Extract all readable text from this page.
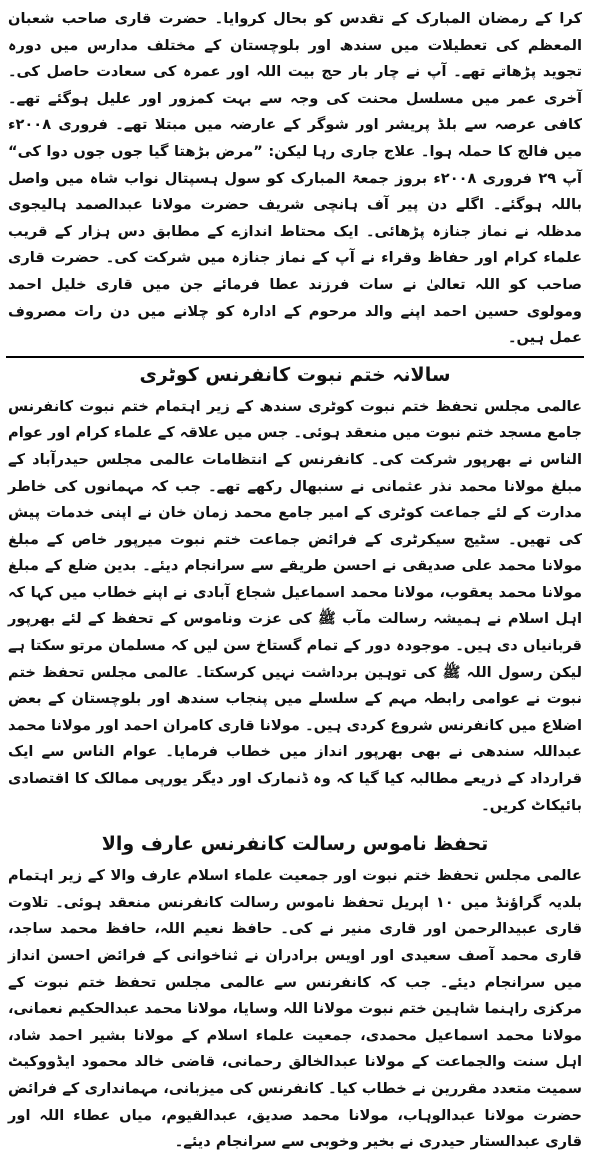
کرا کے رمضان المبارک کے تقدس کو بحال کروایا۔ حضرت قاری صاحب شعبان المعظم کی تعطیلات میں سندھ اور بلوچستان کے مختلف مدارس میں دورہ تجوید پڑھاتے تھے۔ آپ نے چار بار حج بیت اللہ اور عمرہ کی سعادت حاصل کی۔ آخری عمر میں مسلسل محنت کی وجہ سے بہت کمزور اور علیل ہوگئے تھے۔ کافی عرصہ سے بلڈ پریشر اور شوگر کے عارضہ میں مبتلا تھے۔ فروری ۲۰۰۸ء میں فالج کا حملہ ہوا۔ علاج جاری رہا لیکن: ”مرض بڑھتا گیا جوں جوں دوا کی“ آپ ۲۹ فروری ۲۰۰۸ء بروز جمعۃ المبارک کو سول ہسپتال نواب شاہ میں واصل باللہ ہوگئے۔ اگلے دن پیر آف ہانچی شریف حضرت مولانا عبدالصمد ہالیجوی مدظلہ نے نماز جنازہ پڑھائی۔ ایک محتاط اندازے کے مطابق دس ہزار کے قریب علماء کرام اور حفاظ وقراء نے آپ کے نماز جنازہ میں شرکت کی۔ حضرت قاری صاحب کو اللہ تعالیٰ نے سات فرزند عطا فرمائے جن میں قاری خلیل احمد ومولوی حسین احمد اپنے والد مرحوم کے ادارہ کو چلانے میں دن رات مصروف عمل ہیں۔

سالانہ ختم نبوت کانفرنس کوٹری

عالمی مجلس تحفظ ختم نبوت کوٹری سندھ کے زیر اہتمام ختم نبوت کانفرنس جامع مسجد ختم نبوت میں منعقد ہوئی۔ جس میں علاقہ کے علماء کرام اور عوام الناس نے بھرپور شرکت کی۔ کانفرنس کے انتظامات عالمی مجلس حیدرآباد کے مبلغ مولانا محمد نذر عثمانی نے سنبھال رکھے تھے۔ جب کہ مہمانوں کی خاطر مدارت کے لئے جماعت کوٹری کے امیر جامع محمد زمان خان نے اپنی خدمات پیش کی تھیں۔ سٹیج سیکرٹری کے فرائض جماعت ختم نبوت میرپور خاص کے مبلغ مولانا محمد علی صدیقی نے احسن طریقے سے سرانجام دیئے۔ بدین ضلع کے مبلغ مولانا محمد یعقوب، مولانا محمد اسماعیل شجاع آبادی نے اپنے خطاب میں کہا کہ اہل اسلام نے ہمیشہ رسالت مآب ﷺ کی عزت وناموس کے تحفظ کے لئے بھرپور قربانیاں دی ہیں۔ موجودہ دور کے تمام گستاخ سن لیں کہ مسلمان مرتو سکتا ہے لیکن رسول اللہ ﷺ کی توہین برداشت نہیں کرسکتا۔ عالمی مجلس تحفظ ختم نبوت نے عوامی رابطہ مہم کے سلسلے میں پنجاب سندھ اور بلوچستان کے بعض اضلاع میں کانفرنس شروع کردی ہیں۔ مولانا قاری کامران احمد اور مولانا محمد عبداللہ سندھی نے بھی بھرپور انداز میں خطاب فرمایا۔ عوام الناس سے ایک قرارداد کے ذریعے مطالبہ کیا گیا کہ وہ ڈنمارک اور دیگر یورپی ممالک کا اقتصادی بائیکاٹ کریں۔

تحفظ ناموس رسالت کانفرنس عارف والا

عالمی مجلس تحفظ ختم نبوت اور جمعیت علماء اسلام عارف والا کے زیر اہتمام بلدیہ گراؤنڈ میں ۱۰ اپریل تحفظ ناموس رسالت کانفرنس منعقد ہوئی۔ تلاوت قاری عبیدالرحمن اور قاری منیر نے کی۔ حافظ نعیم اللہ، حافظ محمد ساجد، قاری محمد آصف سعیدی اور اویس برادران نے ثناخوانی کے فرائض احسن انداز میں سرانجام دیئے۔ جب کہ کانفرنس سے عالمی مجلس تحفظ ختم نبوت کے مرکزی راہنما شاہین ختم نبوت مولانا اللہ وسایا، مولانا محمد عبدالحکیم نعمانی، مولانا محمد اسماعیل محمدی، جمعیت علماء اسلام کے مولانا بشیر احمد شاد، اہل سنت والجماعت کے مولانا عبدالخالق رحمانی، قاضی خالد محمود ایڈووکیٹ سمیت متعدد مقررین نے خطاب کیا۔ کانفرنس کی میزبانی، مہمانداری کے فرائض حضرت مولانا عبدالوہاب، مولانا محمد صدیق، عبدالقیوم، میاں عطاء اللہ اور قاری عبدالستار حیدری نے بخیر وخوبی سے سرانجام دیئے۔
